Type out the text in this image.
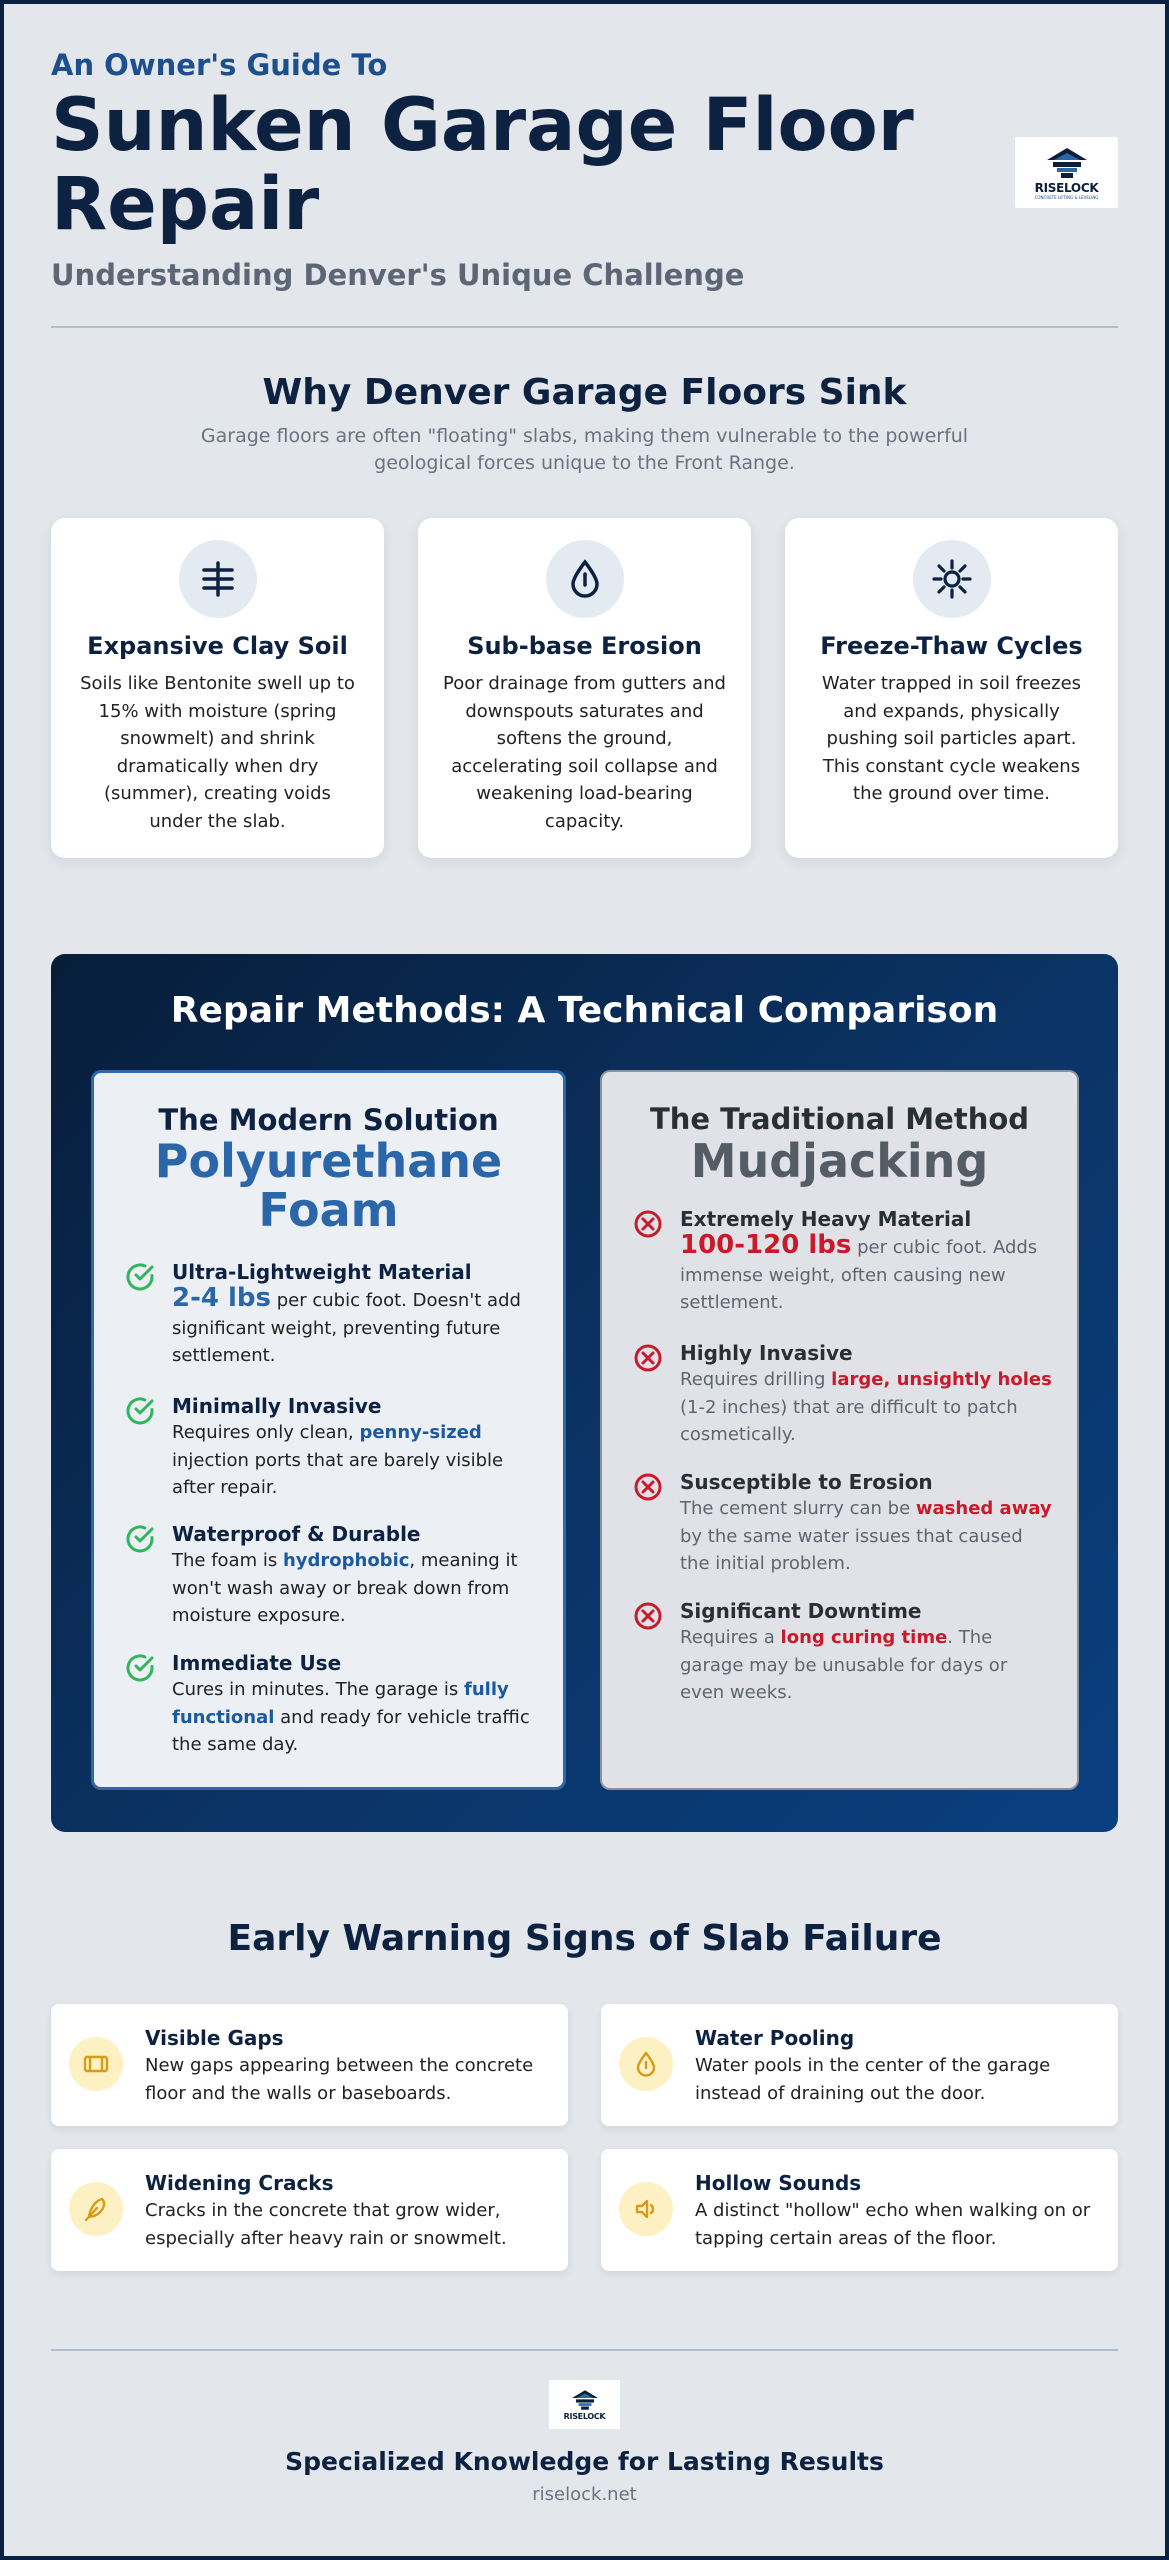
An Owner's Guide To
Sunken Garage Floor Repair
Understanding Denver's Unique Challenge
RISELOCK
CONCRETE LIFTING & LEVELING
Why Denver Garage Floors Sink
Garage floors are often "floating" slabs, making them vulnerable to the powerful geological forces unique to the Front Range.
Expansive Clay Soil
Soils like Bentonite swell up to 15% with moisture (spring snowmelt) and shrink dramatically when dry (summer), creating voids under the slab.
Sub-base Erosion
Poor drainage from gutters and downspouts saturates and softens the ground, accelerating soil collapse and weakening load-bearing capacity.
Freeze-Thaw Cycles
Water trapped in soil freezes and expands, physically pushing soil particles apart. This constant cycle weakens the ground over time.
Repair Methods: A Technical Comparison
The Modern Solution
Polyurethane Foam
Ultra-Lightweight Material
2-4 lbs per cubic foot. Doesn't add significant weight, preventing future settlement.
Minimally Invasive
Requires only clean, penny-sized injection ports that are barely visible after repair.
Waterproof & Durable
The foam is hydrophobic, meaning it won't wash away or break down from moisture exposure.
Immediate Use
Cures in minutes. The garage is fully functional and ready for vehicle traffic the same day.
The Traditional Method
Mudjacking
Extremely Heavy Material
100-120 lbs per cubic foot. Adds immense weight, often causing new settlement.
Highly Invasive
Requires drilling large, unsightly holes (1-2 inches) that are difficult to patch cosmetically.
Susceptible to Erosion
The cement slurry can be washed away by the same water issues that caused the initial problem.
Significant Downtime
Requires a long curing time. The garage may be unusable for days or even weeks.
Early Warning Signs of Slab Failure
Visible Gaps
New gaps appearing between the concrete floor and the walls or baseboards.
Water Pooling
Water pools in the center of the garage instead of draining out the door.
Widening Cracks
Cracks in the concrete that grow wider, especially after heavy rain or snowmelt.
Hollow Sounds
A distinct "hollow" echo when walking on or tapping certain areas of the floor.
RISELOCK
Specialized Knowledge for Lasting Results
riselock.net
